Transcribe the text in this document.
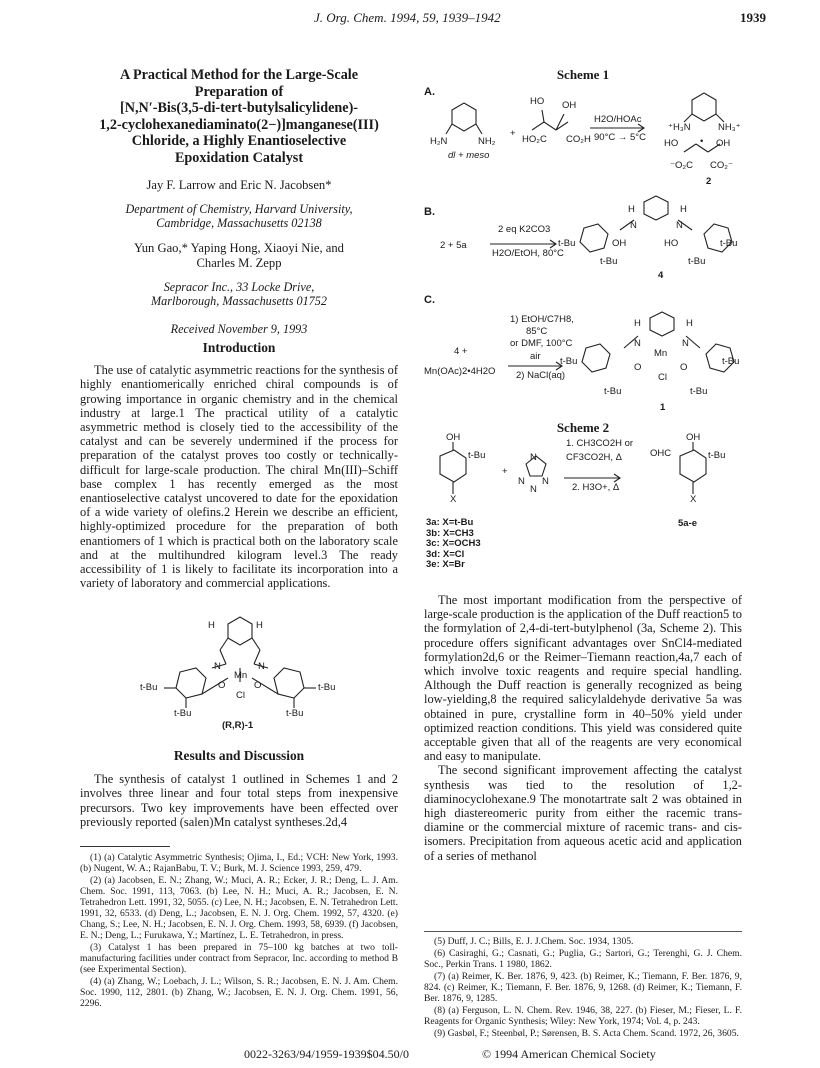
J. Org. Chem. 1994, 59, 1939–1942	1939
A Practical Method for the Large-Scale
Preparation of
[N,N′-Bis(3,5-di-tert-butylsalicylidene)-
1,2-cyclohexanediaminato(2−)]manganese(III)
Chloride, a Highly Enantioselective
Epoxidation Catalyst
Jay F. Larrow and Eric N. Jacobsen*
Department of Chemistry, Harvard University,
Cambridge, Massachusetts 02138
Yun Gao,* Yaping Hong, Xiaoyi Nie, and
Charles M. Zepp
Sepracor Inc., 33 Locke Drive,
Marlborough, Massachusetts 01752
Received November 9, 1993
Introduction

The use of catalytic asymmetric reactions for the synthesis of highly enantiomerically enriched chiral compounds is of growing importance in organic chemistry and in the chemical industry at large.1 The practical utility of a catalytic asymmetric method is closely tied to the accessibility of the catalyst and can be severely undermined if the process for preparation of the catalyst proves too costly or technically-difficult for large-scale production. The chiral Mn(III)–Schiff base complex 1 has recently emerged as the most enantioselective catalyst uncovered to date for the epoxidation of a wide variety of olefins.2 Herein we describe an efficient, highly-optimized procedure for the preparation of both enantiomers of 1 which is practical both on the laboratory scale and at the multihundred kilogram level.3 The ready accessibility of 1 is likely to facilitate its incorporation into a variety of laboratory and commercial applications.

H	H
N	N
Mn
O	O
Cl
t-Bu	t-Bu
t-Bu	t-Bu
(R,R)-1
Results and Discussion

The synthesis of catalyst 1 outlined in Schemes 1 and 2 involves three linear and four total steps from inexpensive precursors. Two key improvements have been effected over previously reported (salen)Mn catalyst syntheses.2d,4

(1) (a) Catalytic Asymmetric Synthesis; Ojima, I., Ed.; VCH: New York, 1993. (b) Nugent, W. A.; RajanBabu, T. V.; Burk, M. J. Science 1993, 259, 479.

(2) (a) Jacobsen, E. N.; Zhang, W.; Muci, A. R.; Ecker, J. R.; Deng, L. J. Am. Chem. Soc. 1991, 113, 7063. (b) Lee, N. H.; Muci, A. R.; Jacobsen, E. N. Tetrahedron Lett. 1991, 32, 5055. (c) Lee, N. H.; Jacobsen, E. N. Tetrahedron Lett. 1991, 32, 6533. (d) Deng, L.; Jacobsen, E. N. J. Org. Chem. 1992, 57, 4320. (e) Chang, S.; Lee, N. H.; Jacobsen, E. N. J. Org. Chem. 1993, 58, 6939. (f) Jacobsen, E. N.; Deng, L.; Furukawa, Y.; Martínez, L. E. Tetrahedron, in press.

(3) Catalyst 1 has been prepared in 75–100 kg batches at two toll-manufacturing facilities under contract from Sepracor, Inc. according to method B (see Experimental Section).

(4) (a) Zhang, W.; Loebach, J. L.; Wilson, S. R.; Jacobsen, E. N. J. Am. Chem. Soc. 1990, 112, 2801. (b) Zhang, W.; Jacobsen, E. N. J. Org. Chem. 1991, 56, 2296.

Scheme 1
A.
B.
C.
H₂N	NH₂
dl + meso
+
HO OH
HO₂C CO₂H
H2O/HOAc
90°C → 5°C
⁺H₃N	NH₃⁺
HO • OH
⁻O₂C CO₂⁻
2
H	H
N	N
2 + 5a
2 eq K2CO3
H2O/EtOH, 80°C
t-Bu	OH	HO	t-Bu
t-Bu	t-Bu
4
1) EtOH/C7H8,
85°C
or DMF, 100°C
air
2) NaCl(aq)
4 +
Mn(OAc)2•4H2O
H	H
N	N
Mn
O	O
Cl
t-Bu	t-Bu
t-Bu	t-Bu
1
Scheme 2
OH
t-Bu
X
+
N
N N
N
1. CH3CO2H or
CF3CO2H, Δ
2. H3O+, Δ
OH
OHC	t-Bu
X
3a: X=t-Bu
3b: X=CH3
3c: X=OCH3
3d: X=Cl
3e: X=Br
5a-e

The most important modification from the perspective of large-scale production is the application of the Duff reaction5 to the formylation of 2,4-di-tert-butylphenol (3a, Scheme 2). This procedure offers significant advantages over SnCl4-mediated formylation2d,6 or the Reimer–Tiemann reaction,4a,7 each of which involve toxic reagents and require special handling. Although the Duff reaction is generally recognized as being low-yielding,8 the required salicylaldehyde derivative 5a was obtained in pure, crystalline form in 40–50% yield under optimized reaction conditions. This yield was considered quite acceptable given that all of the reagents are very economical and easy to manipulate.

The second significant improvement affecting the catalyst synthesis was tied to the resolution of 1,2-diaminocyclohexane.9 The monotartrate salt 2 was obtained in high diastereomeric purity from either the racemic trans-diamine or the commercial mixture of racemic trans- and cis-isomers. Precipitation from aqueous acetic acid and application of a series of methanol

(5) Duff, J. C.; Bills, E. J. J.Chem. Soc. 1934, 1305.

(6) Casiraghi, G.; Casnati, G.; Puglia, G.; Sartori, G.; Terenghi, G. J. Chem. Soc., Perkin Trans. 1 1980, 1862.

(7) (a) Reimer, K. Ber. 1876, 9, 423. (b) Reimer, K.; Tiemann, F. Ber. 1876, 9, 824. (c) Reimer, K.; Tiemann, F. Ber. 1876, 9, 1268. (d) Reimer, K.; Tiemann, F. Ber. 1876, 9, 1285.

(8) (a) Ferguson, L. N. Chem. Rev. 1946, 38, 227. (b) Fieser, M.; Fieser, L. F. Reagents for Organic Synthesis; Wiley: New York, 1974; Vol. 4, p. 243.

(9) Gasbøl, F.; Steenbøl, P.; Sørensen, B. S. Acta Chem. Scand. 1972, 26, 3605.

0022-3263/94/1959-1939$04.50/0	© 1994 American Chemical Society
